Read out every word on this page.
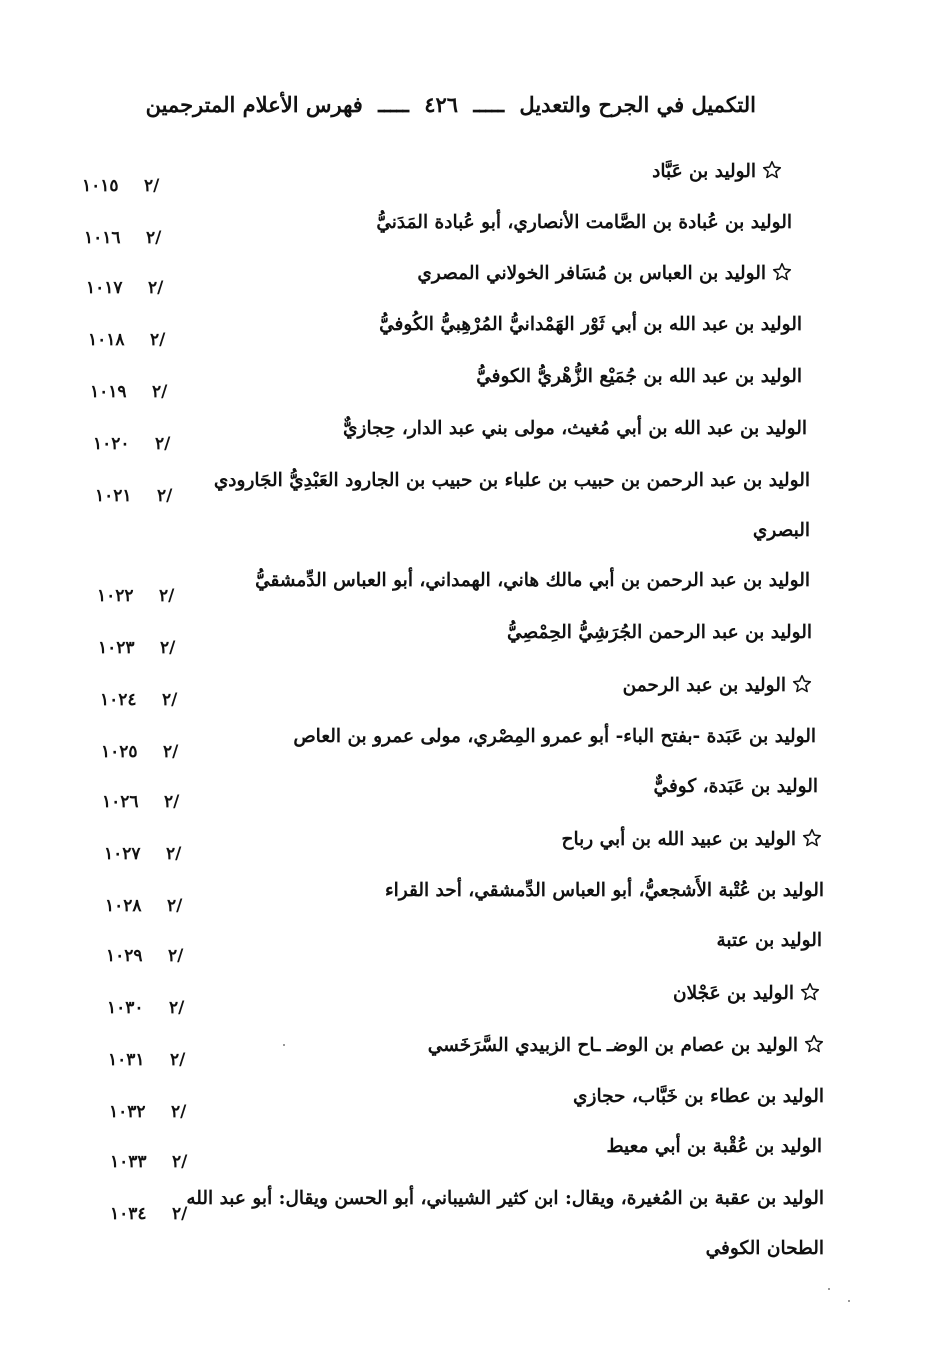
التكميل في الجرح والتعديل ـــــ ٤٢٦ ـــــ فهرس الأعلام المترجمين
الوليد بن عَبَّاد
١٠١٥ ٢/
الوليد بن عُبادة بن الصَّامت الأنصاري، أبو عُبادة المَدَنيُّ
١٠١٦ ٢/
الوليد بن العباس بن مُسَافر الخولاني المصري
١٠١٧ ٢/
الوليد بن عبد الله بن أبي ثَوْر الهَمْدانيُّ المُرْهِبيُّ الكُوفيُّ
١٠١٨ ٢/
الوليد بن عبد الله بن جُمَيْع الزُّهْريُّ الكوفيُّ
١٠١٩ ٢/
الوليد بن عبد الله بن أبي مُغيث، مولى بني عبد الدار، حِجازيٌّ
١٠٢٠ ٢/
الوليد بن عبد الرحمن بن حبيب بن علباء بن حبيب بن الجارود العَبْدِيُّ الجَارودي
البصري
١٠٢١ ٢/
الوليد بن عبد الرحمن بن أبي مالك هاني، الهمداني، أبو العباس الدِّمشقيُّ
١٠٢٢ ٢/
الوليد بن عبد الرحمن الجُرَشِيُّ الحِمْصِيُّ
١٠٢٣ ٢/
الوليد بن عبد الرحمن
١٠٢٤ ٢/
الوليد بن عَبَدة -بفتح الباء- أبو عمرو المِصْري، مولى عمرو بن العاص
١٠٢٥ ٢/
الوليد بن عَبَدة، كوفيٌّ
١٠٢٦ ٢/
الوليد بن عبيد الله بن أبي رباح
١٠٢٧ ٢/
الوليد بن عُتْبة الأَشجعيُّ، أبو العباس الدِّمشقي، أحد القراء
١٠٢٨ ٢/
الوليد بن عتبة
١٠٢٩ ٢/
الوليد بن عَجْلان
١٠٣٠ ٢/
الوليد بن عصام بن الوضـ ـاح الزبيدي السَّرَخَسي
١٠٣١ ٢/
الوليد بن عطاء بن خَبَّاب، حجازي
١٠٣٢ ٢/
الوليد بن عُقْبة بن أبي معيط
١٠٣٣ ٢/
الوليد بن عقبة بن المُغيرة، ويقال: ابن كثير الشيباني، أبو الحسن ويقال: أبو عبد الله
الطحان الكوفي
١٠٣٤ ٢/
